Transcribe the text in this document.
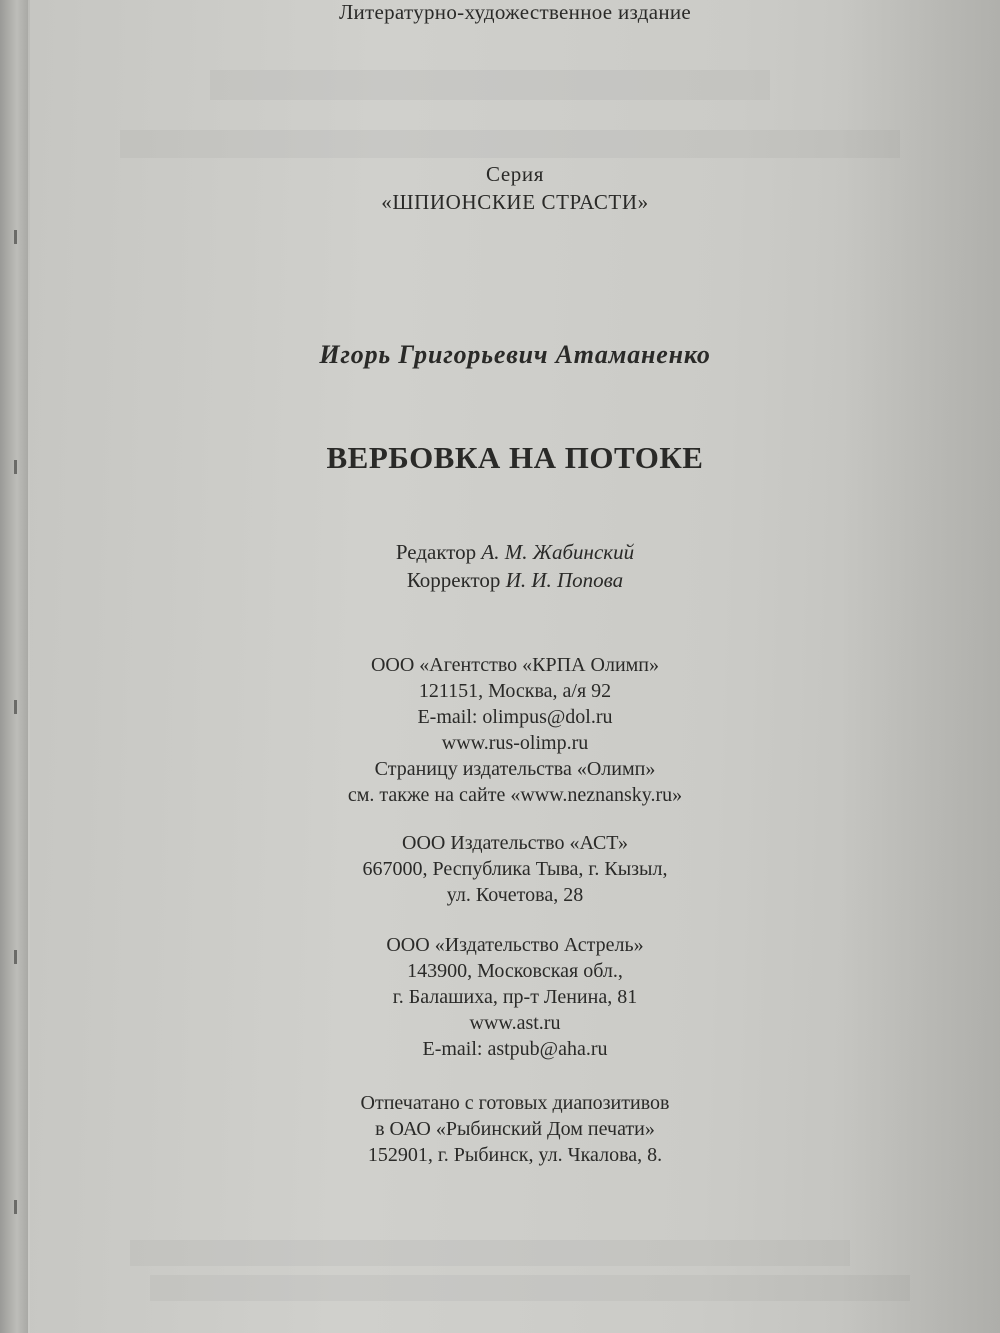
Литературно-художественное издание
Серия
«ШПИОНСКИЕ СТРАСТИ»
Игорь Григорьевич Атаманенко
ВЕРБОВКА НА ПОТОКЕ
Редактор А. М. Жабинский
Корректор И. И. Попова
ООО «Агентство «КРПА Олимп»
121151, Москва, а/я 92
E-mail: olimpus@dol.ru
www.rus-olimp.ru
Страницу издательства «Олимп»
см. также на сайте «www.neznansky.ru»
ООО Издательство «АСТ»
667000, Республика Тыва, г. Кызыл,
ул. Кочетова, 28
ООО «Издательство Астрель»
143900, Московская обл.,
г. Балашиха, пр-т Ленина, 81
www.ast.ru
E-mail: astpub@aha.ru
Отпечатано с готовых диапозитивов
в ОАО «Рыбинский Дом печати»
152901, г. Рыбинск, ул. Чкалова, 8.
